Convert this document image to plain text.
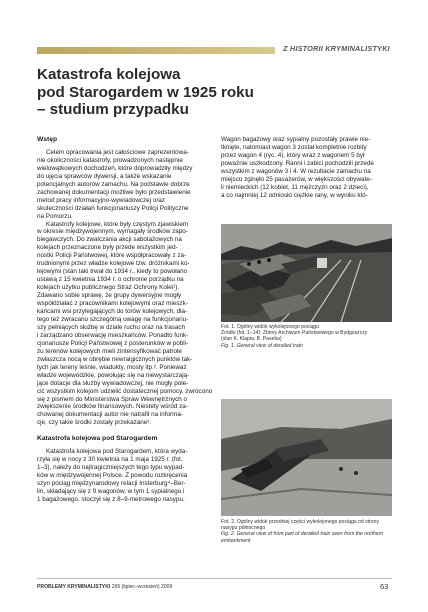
Z HISTORII KRYMINALISTYKI
Katastrofa kolejowa
pod Starogardem w 1925 roku
– studium przypadku
Wstęp
Celem opracowania jest całościowe zaprezentowa-
nie okoliczności katastrofy, prowadzonych następnie
wielowątkowych dochodzeń, które doprowadziły między
do ujęcia sprawców dywersji, a także wskazanie
potencjalnych autorów zamachu. Na podstawie dobrze
zachowanej dokumentacji możliwe było przedstawienie
metod pracy informacyjno-wywiadowczej oraz
skuteczności działań funkcjonariuszy Policji Polityczne
na Pomorzu.
Katastrofy kolejowe, które były częstym zjawiskiem
w okresie międzywojennym, wymagały środków zapo-
biegawczych. Do zwalczania akcji sabotażowych na
kolejach przeznaczone były przede wszystkim jed-
nostki Policji Państwowej, które współpracowały z za-
trudnionymi przez władze kolejowe tzw. dróżnikami ko-
lejowymi (stan taki trwał do 1934 r., kiedy to powołano
ustawą z 15 kwietnia 1934 r. o ochronie porządku na
kolejach użytku publicznego Straż Ochrony Kolei¹).
Zdawano sobie sprawę, że grupy dywersyjne mogły
współdziałać z pracownikami kolejowymi oraz mieszk-
kańcami wsi przylegających do torów kolejowych, dla-
tego też zwracano szczególną uwagę na funkcjonariu-
szy pełniących służbę w dziale ruchu oraz na trasach
i zarządzano obserwację mieszkańców. Ponadto funk-
cjonariusze Policji Państwowej z posterunków w pobli-
żu terenów kolejowych mieli zintensyfikować patrole
zwłaszcza nocą w obrębie newralgicznych punktów tak-
tych jak tereny leśnie, wiadukty, mosty itp.². Ponieważ
władze wojewódzkie, powołując się na niewystarczają-
jące dotacje dla służby wywiadowczej, nie mogły pole-
cić wszystkim kolejom udzielić dostatecznej pomocy, zwrócono
się z pismem do Ministerstwa Spraw Wewnętrznych o
zwiększenie środków finansowych. Niestety wśród za-
chowanej dokumentacji autor nie natrafił na informa-
cje, czy takie środki zostały przekazane³.
Katastrofa kolejowa pod Starogardem
Katastrofa kolejowa pod Starogardem, która wyda-
rzyła się w nocy z 30 kwietnia na 1 maja 1925 r. (fot.
1–3), należy do najtragiczniejszych tego typu wypad-
ków w międzywojennej Polsce. Z powodu rozkręcenia
szyn pociąg międzynarodowy relacji Insterburg⁴–Ber-
lin, składający się z 9 wagonów, w tym 1 sypialnego i
1 bagażowego, stoczył się z 8–9-metrowego nasypu.
Wagon bagażowy oraz sypialny pozostały prawie nie-
tknięte, natomiast wagon 3 został kompletnie rozbity
przez wagon 4 (ryc. 4), który wraz z wagonem 5 był
poważnie uszkodzony. Ranni i zabici pochodzili przede
wszystkim z wagonów 3 i 4. W rezultacie zamachu na
miejscu zginęło 25 pasażerów, w większości obywate-
li niemieckich (12 kobiet, 11 mężczyzn oraz 2 dzieci),
a co najmniej 12 odniosło ciężkie rany, w wyniku któ-
Fot. 1. Ogólny widok wykolejonego pociągu
Źródło (fot. 1–14): Zbiory Archiwum Państwowego w Bydgoszczy
(slan K. Klapia, B. Paseka)
Fig. 1. General view of derailed train
Fot. 2. Ogólny widok przedniej części wykolejonego pociągu od strony
nasypu północnego
Fig. 2. General view of front part of derailed train seen from the northern
embankment
PROBLEMY KRYMINALISTYKI 265 (lipiec–wrzesień) 2009	63
